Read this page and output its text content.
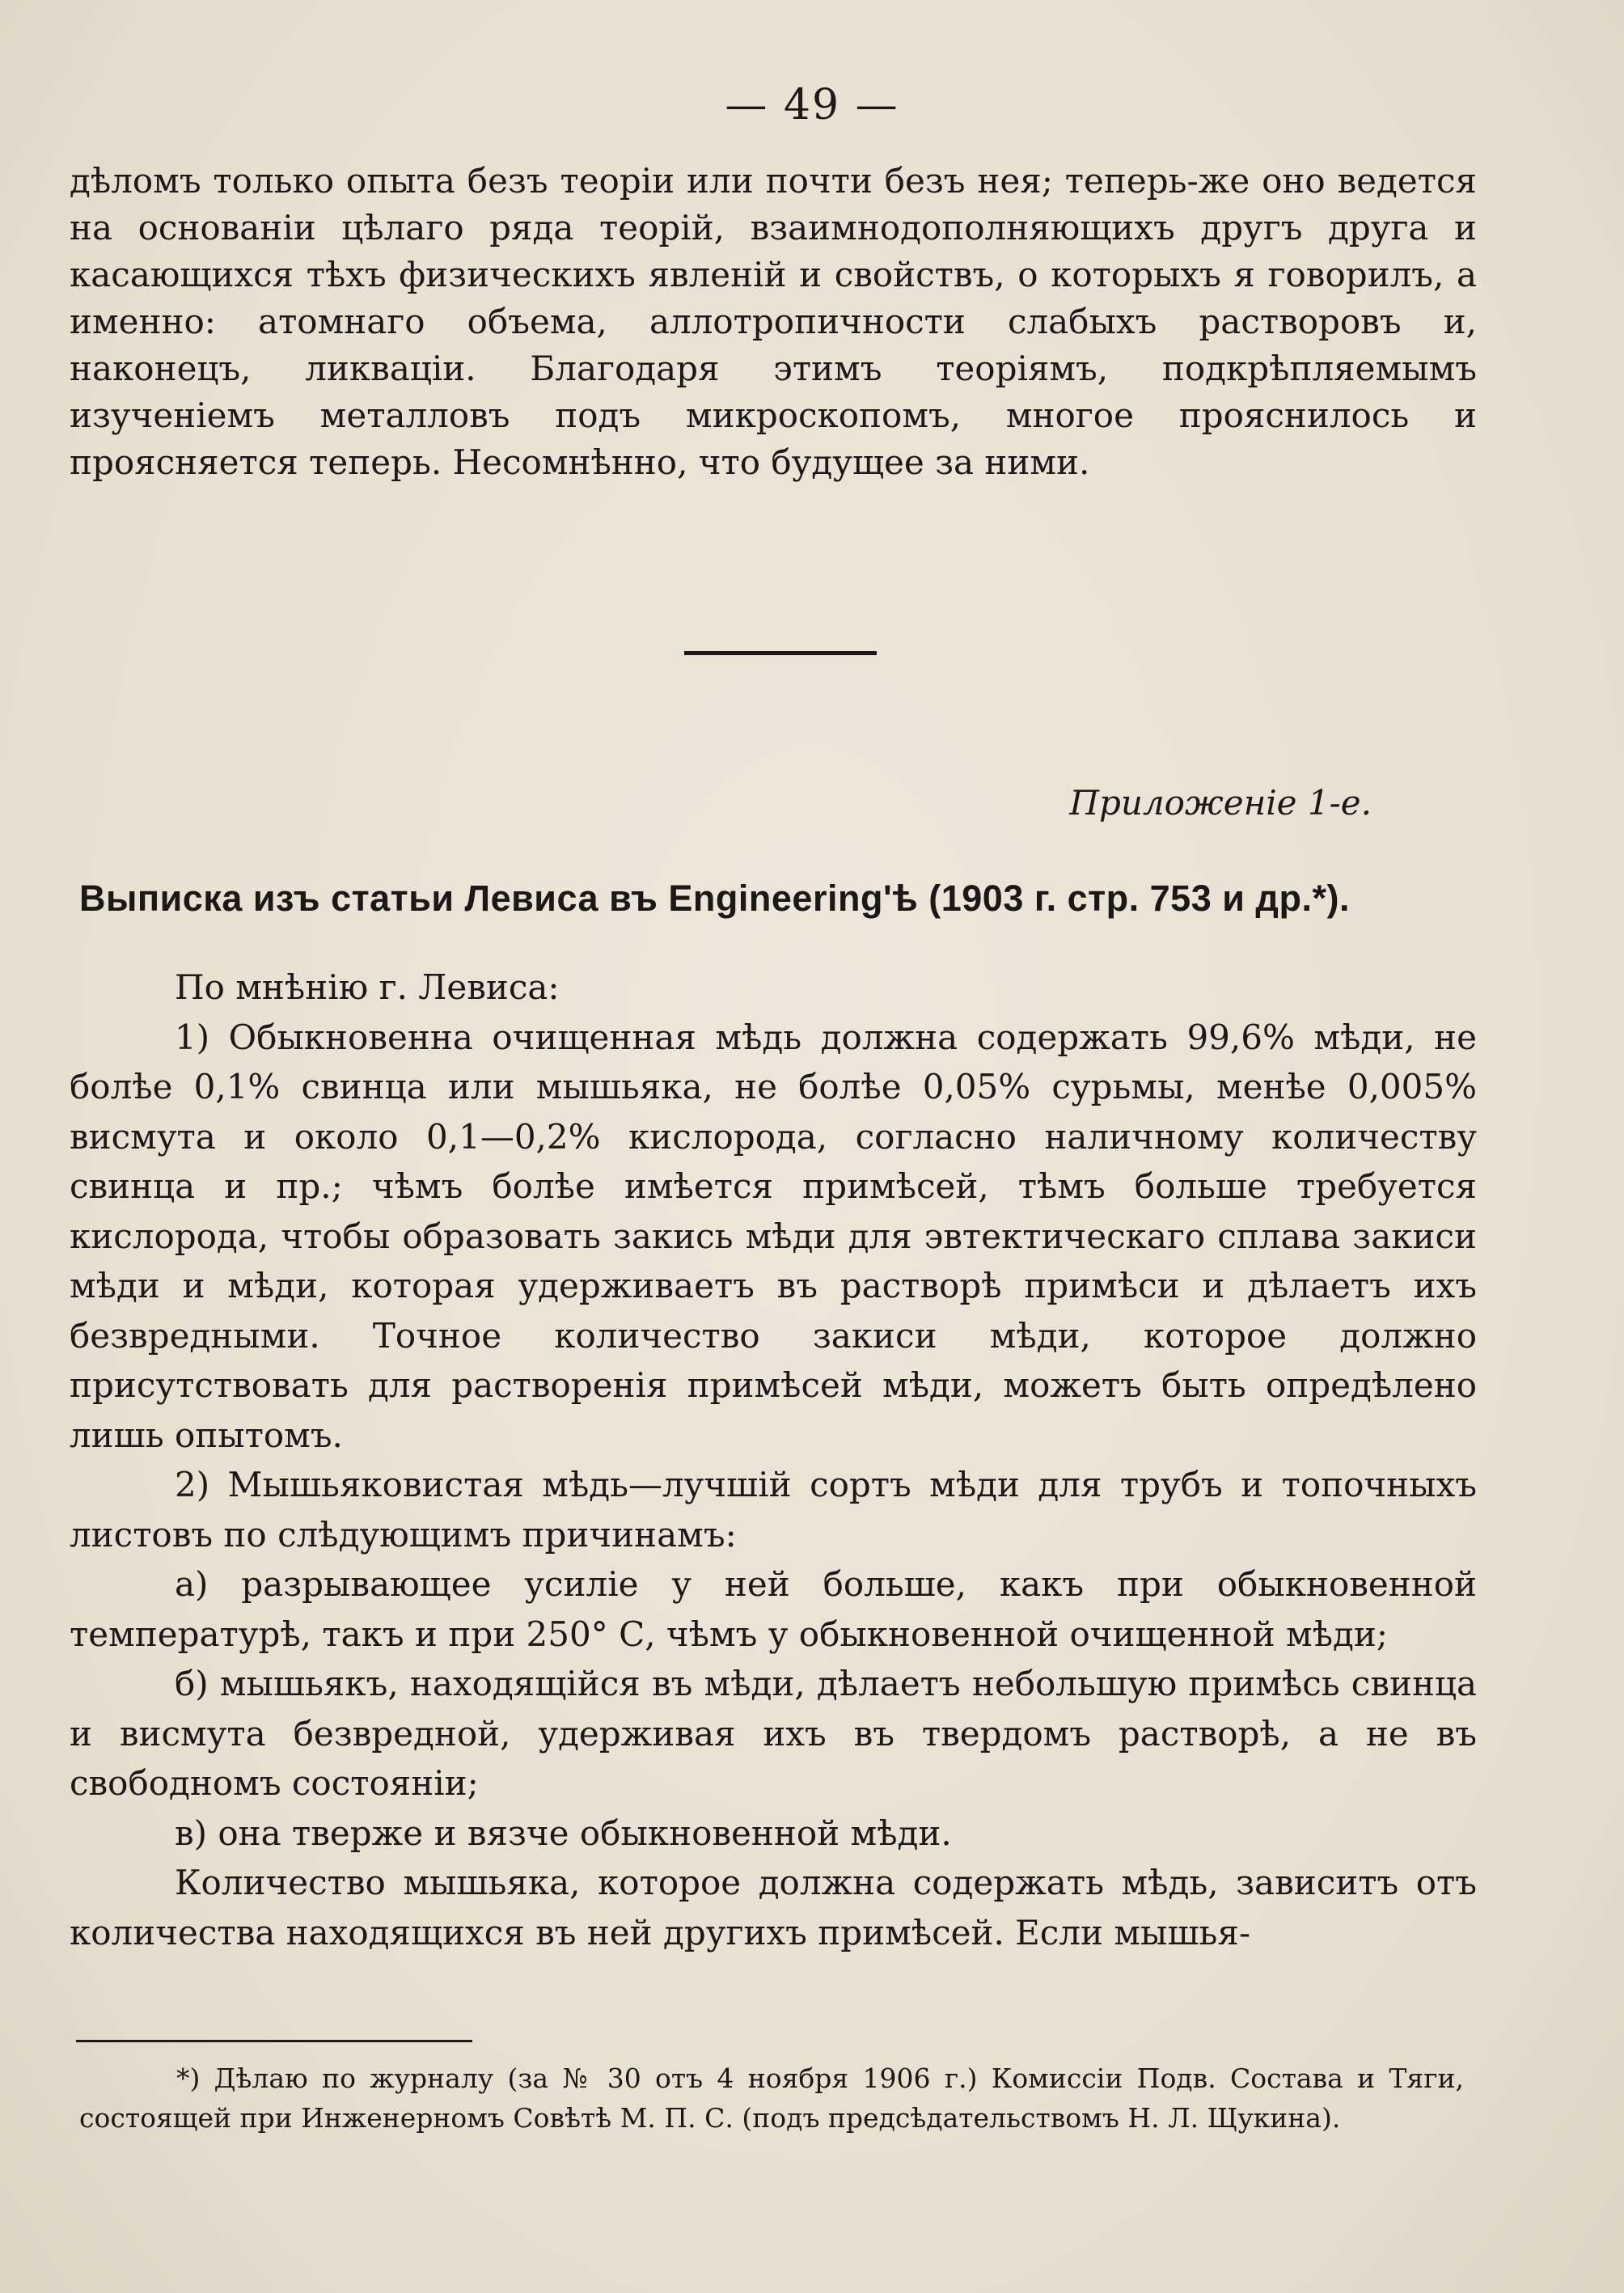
— 49 —

дѣломъ только опыта безъ теоріи или почти безъ нея; теперь-же оно ведется на основаніи цѣлаго ряда теорій, взаимнодополняющихъ другъ друга и касающихся тѣхъ физическихъ явленій и свойствъ, о которыхъ я говорилъ, а именно: атомнаго объема, аллотропичности слабыхъ растворовъ и, наконецъ, ликваціи. Благодаря этимъ теоріямъ, подкрѣпляемымъ изученіемъ металловъ подъ микроскопомъ, многое прояснилось и проясняется теперь. Несомнѣнно, что будущее за ними.

Приложеніе 1-е.
Выписка изъ статьи Левиса въ Engineering'ѣ (1903 г. стр. 753 и др.*).
По мнѣнію г. Левиса:
1) Обыкновенна очищенная мѣдь должна содержать 99,6% мѣди, не болѣе 0,1% свинца или мышьяка, не болѣе 0,05% сурьмы, менѣе 0,005% висмута и около 0,1—0,2% кислорода, согласно наличному количеству свинца и пр.; чѣмъ болѣе имѣется примѣсей, тѣмъ больше требуется кислорода, чтобы образовать закись мѣди для эвтектическаго сплава закиси мѣди и мѣди, которая удерживаетъ въ растворѣ примѣси и дѣлаетъ ихъ безвредными. Точное количество закиси мѣди, которое должно присутствовать для растворенія примѣсей мѣди, можетъ быть опредѣлено лишь опытомъ.
2) Мышьяковистая мѣдь—лучшій сортъ мѣди для трубъ и топочныхъ листовъ по слѣдующимъ причинамъ:
а) разрывающее усиліе у ней больше, какъ при обыкновенной температурѣ, такъ и при 250° С, чѣмъ у обыкновенной очищенной мѣди;
б) мышьякъ, находящійся въ мѣди, дѣлаетъ небольшую примѣсь свинца и висмута безвредной, удерживая ихъ въ твердомъ растворѣ, а не въ свободномъ состояніи;
в) она тверже и вязче обыкновенной мѣди.
Количество мышьяка, которое должна содержать мѣдь, зависитъ отъ количества находящихся въ ней другихъ примѣсей. Если мышья-

*) Дѣлаю по журналу (за № 30 отъ 4 ноября 1906 г.) Комиссіи Подв. Состава и Тяги, состоящей при Инженерномъ Совѣтѣ М. П. С. (подъ предсѣдательствомъ Н. Л. Щукина).
